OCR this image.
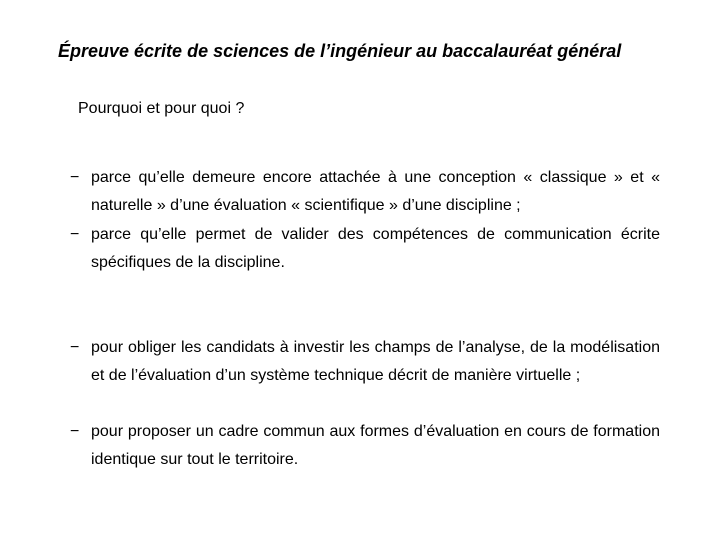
Épreuve écrite de sciences de l’ingénieur au baccalauréat général
Pourquoi et pour quoi ?
− parce qu’elle demeure encore attachée à une conception « classique » et « naturelle » d’une évaluation « scientifique » d’une discipline ;
− parce qu’elle permet de valider des compétences de communication écrite spécifiques de la discipline.
− pour obliger les candidats à investir les champs de l’analyse, de la modélisation et de l’évaluation d’un système technique décrit de manière virtuelle ;
− pour proposer un cadre commun aux formes d’évaluation en cours de formation identique sur tout le territoire.
